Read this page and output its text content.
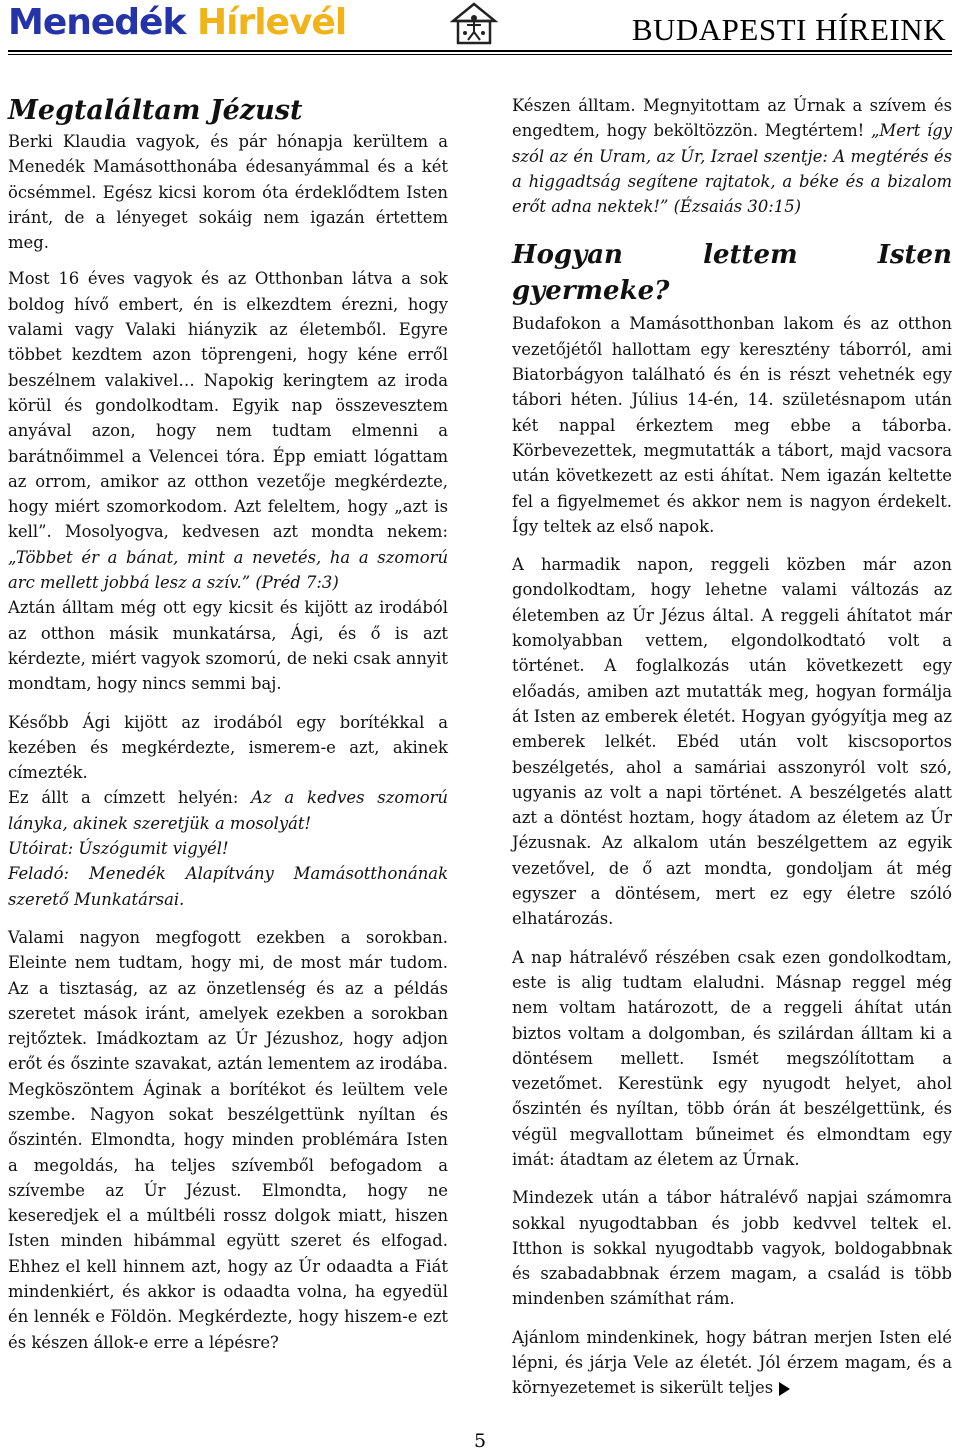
Menedék Hírlevél	BUDAPESTI HÍREINK
Megtaláltam Jézust

Berki Klaudia vagyok, és pár hónapja kerültem a Menedék Mamásotthonába édesanyámmal és a két öcsémmel. Egész kicsi korom óta érdeklődtem Isten iránt, de a lényeget sokáig nem igazán értettem meg.

Most 16 éves vagyok és az Otthonban látva a sok boldog hívő embert, én is elkezdtem érezni, hogy valami vagy Valaki hiányzik az életemből. Egyre többet kezdtem azon töprengeni, hogy kéne erről beszélnem valakivel… Napokig keringtem az iroda körül és gondolkodtam. Egyik nap összevesztem anyával azon, hogy nem tudtam elmenni a barátnőimmel a Velencei tóra. Épp emiatt lógattam az orrom, amikor az otthon vezetője megkérdezte, hogy miért szomorkodom. Azt feleltem, hogy „azt is kell”. Mosolyogva, kedvesen azt mondta nekem: „Többet ér a bánat, mint a nevetés, ha a szomorú arc mellett jobbá lesz a szív.” (Préd 7:3)

Aztán álltam még ott egy kicsit és kijött az irodából az otthon másik munkatársa, Ági, és ő is azt kérdezte, miért vagyok szomorú, de neki csak annyit mondtam, hogy nincs semmi baj.

Később Ági kijött az irodából egy borítékkal a kezében és megkérdezte, ismerem-e azt, akinek címezték.

Ez állt a címzett helyén: Az a kedves szomorú lányka, akinek szeretjük a mosolyát!

Utóirat: Úszógumit vigyél!

Feladó: Menedék Alapítvány Mamásotthonának szerető Munkatársai.

Valami nagyon megfogott ezekben a sorokban. Eleinte nem tudtam, hogy mi, de most már tudom. Az a tisztaság, az az önzetlenség és az a példás szeretet mások iránt, amelyek ezekben a sorokban rejtőztek. Imádkoztam az Úr Jézushoz, hogy adjon erőt és őszinte szavakat, aztán lementem az irodába. Megköszöntem Áginak a borítékot és leültem vele szembe. Nagyon sokat beszélgettünk nyíltan és őszintén. Elmondta, hogy minden problémára Isten a megoldás, ha teljes szívemből befogadom a szívembe az Úr Jézust. Elmondta, hogy ne keseredjek el a múltbéli rossz dolgok miatt, hiszen Isten minden hibámmal együtt szeret és elfogad. Ehhez el kell hinnem azt, hogy az Úr odaadta a Fiát mindenkiért, és akkor is odaadta volna, ha egyedül én lennék e Földön. Megkérdezte, hogy hiszem-e ezt és készen állok-e erre a lépésre?

Készen álltam. Megnyitottam az Úrnak a szívem és engedtem, hogy beköltözzön. Megtértem! „Mert így szól az én Uram, az Úr, Izrael szentje: A megtérés és a higgadtság segítene rajtatok, a béke és a bizalom erőt adna nektek!” (Ézsaiás 30:15)

Hogyan lettem Isten gyermeke?

Budafokon a Mamásotthonban lakom és az otthon vezetőjétől hallottam egy keresztény táborról, ami Biatorbágyon található és én is részt vehetnék egy tábori héten. Július 14-én, 14. születésnapom után két nappal érkeztem meg ebbe a táborba. Körbevezettek, megmutatták a tábort, majd vacsora után következett az esti áhítat. Nem igazán keltette fel a figyelmemet és akkor nem is nagyon érdekelt. Így teltek az első napok.

A harmadik napon, reggeli közben már azon gondolkodtam, hogy lehetne valami változás az életemben az Úr Jézus által. A reggeli áhítatot már komolyabban vettem, elgondolkodtató volt a történet. A foglalkozás után következett egy előadás, amiben azt mutatták meg, hogyan formálja át Isten az emberek életét. Hogyan gyógyítja meg az emberek lelkét. Ebéd után volt kiscsoportos beszélgetés, ahol a samáriai asszonyról volt szó, ugyanis az volt a napi történet. A beszélgetés alatt azt a döntést hoztam, hogy átadom az életem az Úr Jézusnak. Az alkalom után beszélgettem az egyik vezetővel, de ő azt mondta, gondoljam át még egyszer a döntésem, mert ez egy életre szóló elhatározás.

A nap hátralévő részében csak ezen gondolkodtam, este is alig tudtam elaludni. Másnap reggel még nem voltam határozott, de a reggeli áhítat után biztos voltam a dolgomban, és szilárdan álltam ki a döntésem mellett. Ismét megszólítottam a vezetőmet. Kerestünk egy nyugodt helyet, ahol őszintén és nyíltan, több órán át beszélgettünk, és végül megvallottam bűneimet és elmondtam egy imát: átadtam az életem az Úrnak.

Mindezek után a tábor hátralévő napjai számomra sokkal nyugodtabban és jobb kedvvel teltek el. Itthon is sokkal nyugodtabb vagyok, boldogabbnak és szabadabbnak érzem magam, a család is több mindenben számíthat rám.

Ajánlom mindenkinek, hogy bátran merjen Isten elé lépni, és járja Vele az életét. Jól érzem magam, és a környezetemet is sikerült teljes

5
